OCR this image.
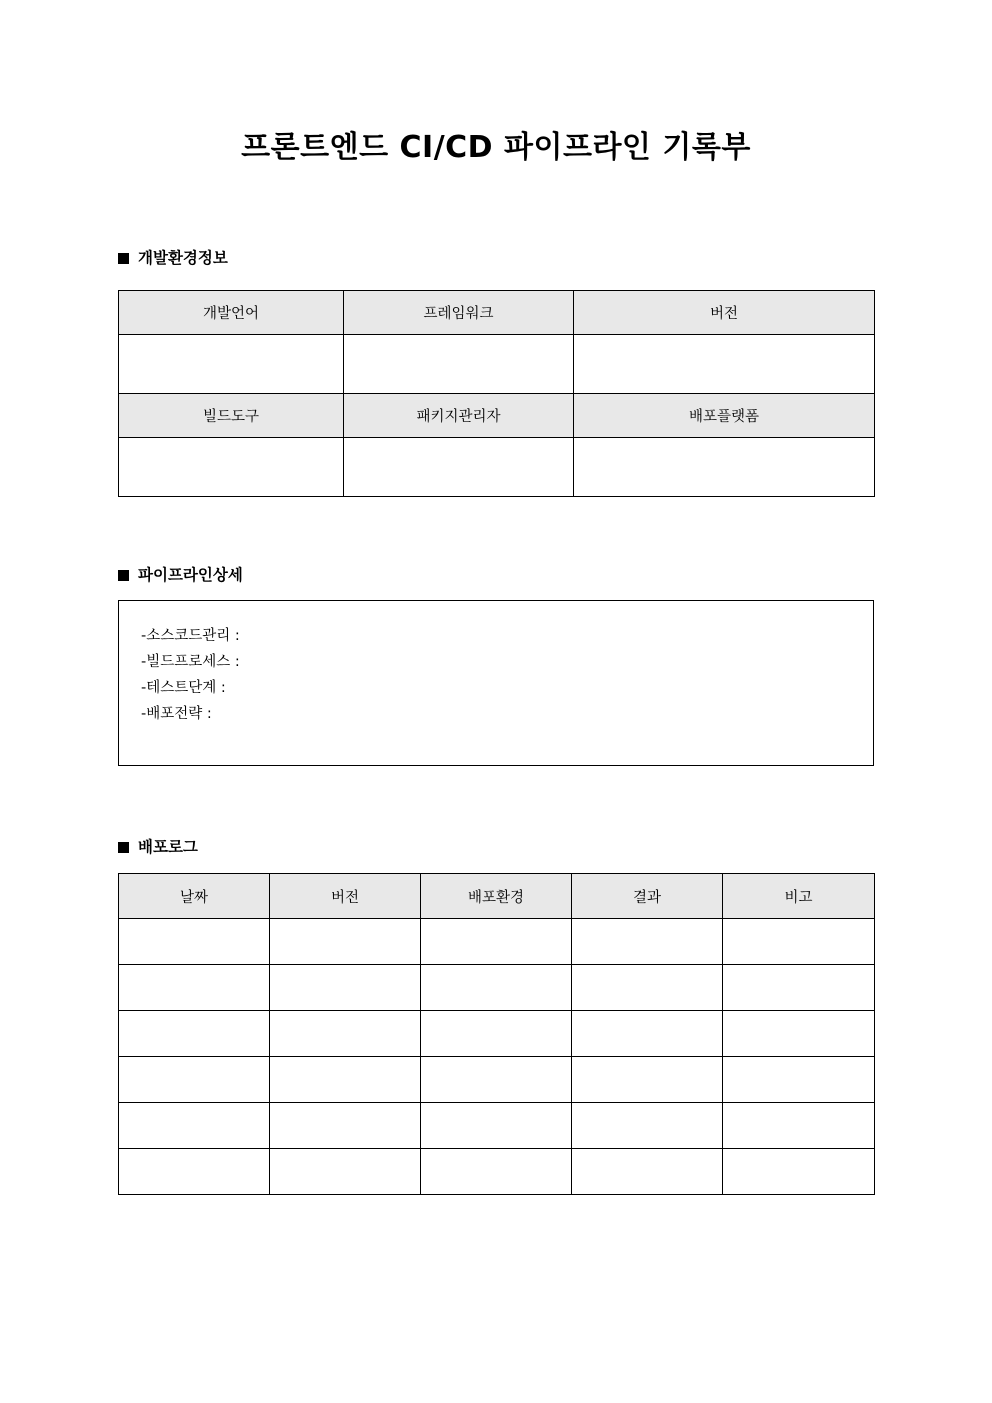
프론트엔드 CI/CD 파이프라인 기록부
개발환경정보
개발언어	프레임워크	버전

빌드도구	패키지관리자	배포플랫폼

파이프라인상세
-소스코드관리 :
-빌드프로세스 :
-테스트단계 :
-배포전략 :
배포로그
날짜	버전	배포환경	결과	비고
